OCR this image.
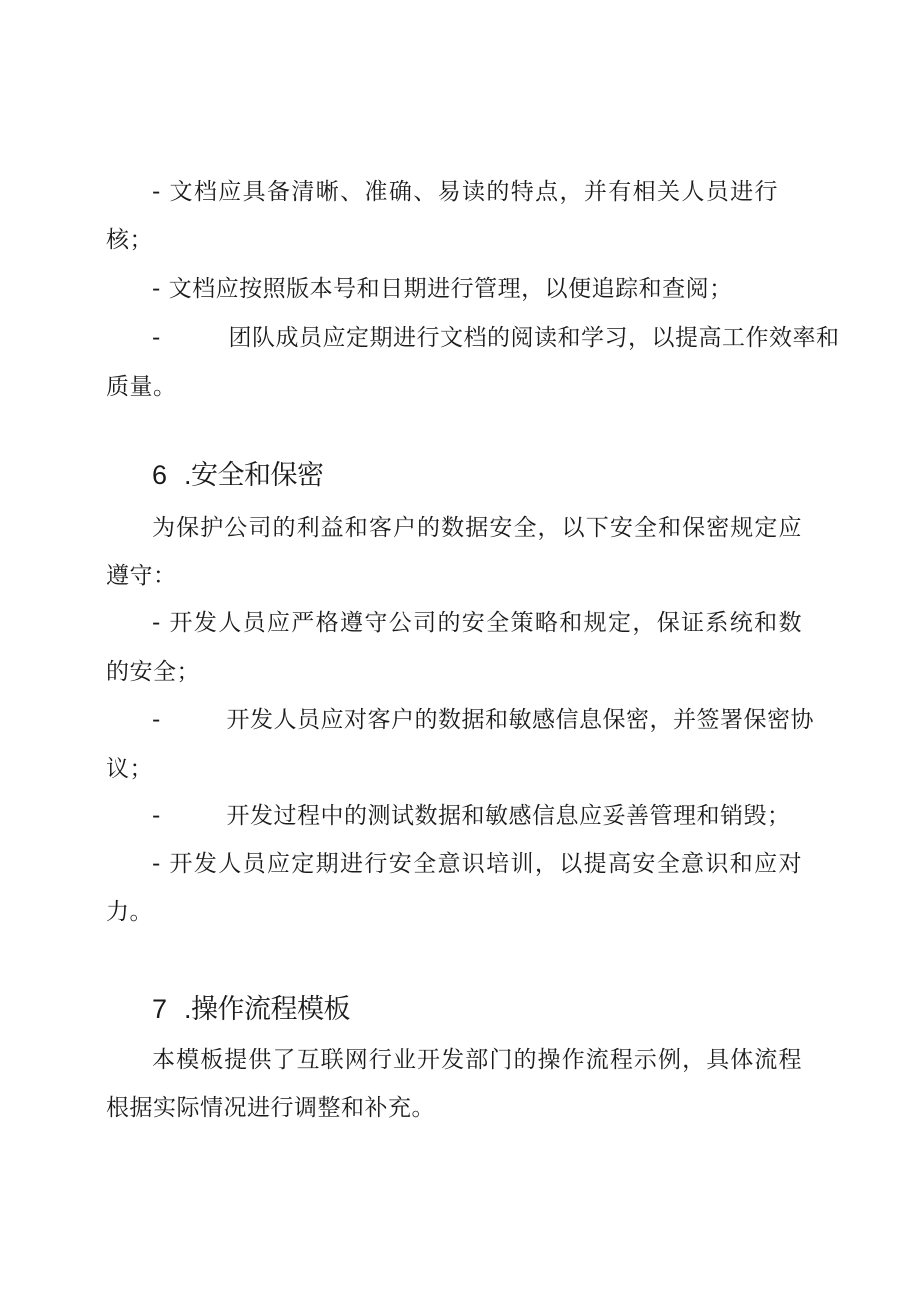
- 文档应具备清晰、准确、易读的特点，并有相关人员进行
核；
- 文档应按照版本号和日期进行管理，以便追踪和查阅；
-	团队成员应定期进行文档的阅读和学习，以提高工作效率和
质量。
6 .安全和保密
为保护公司的利益和客户的数据安全，以下安全和保密规定应
遵守：
- 开发人员应严格遵守公司的安全策略和规定，保证系统和数
的安全；
-	开发人员应对客户的数据和敏感信息保密，并签署保密协
议；
-	开发过程中的测试数据和敏感信息应妥善管理和销毁；
- 开发人员应定期进行安全意识培训，以提高安全意识和应对
力。
7 .操作流程模板
本模板提供了互联网行业开发部门的操作流程示例，具体流程
根据实际情况进行调整和补充。
